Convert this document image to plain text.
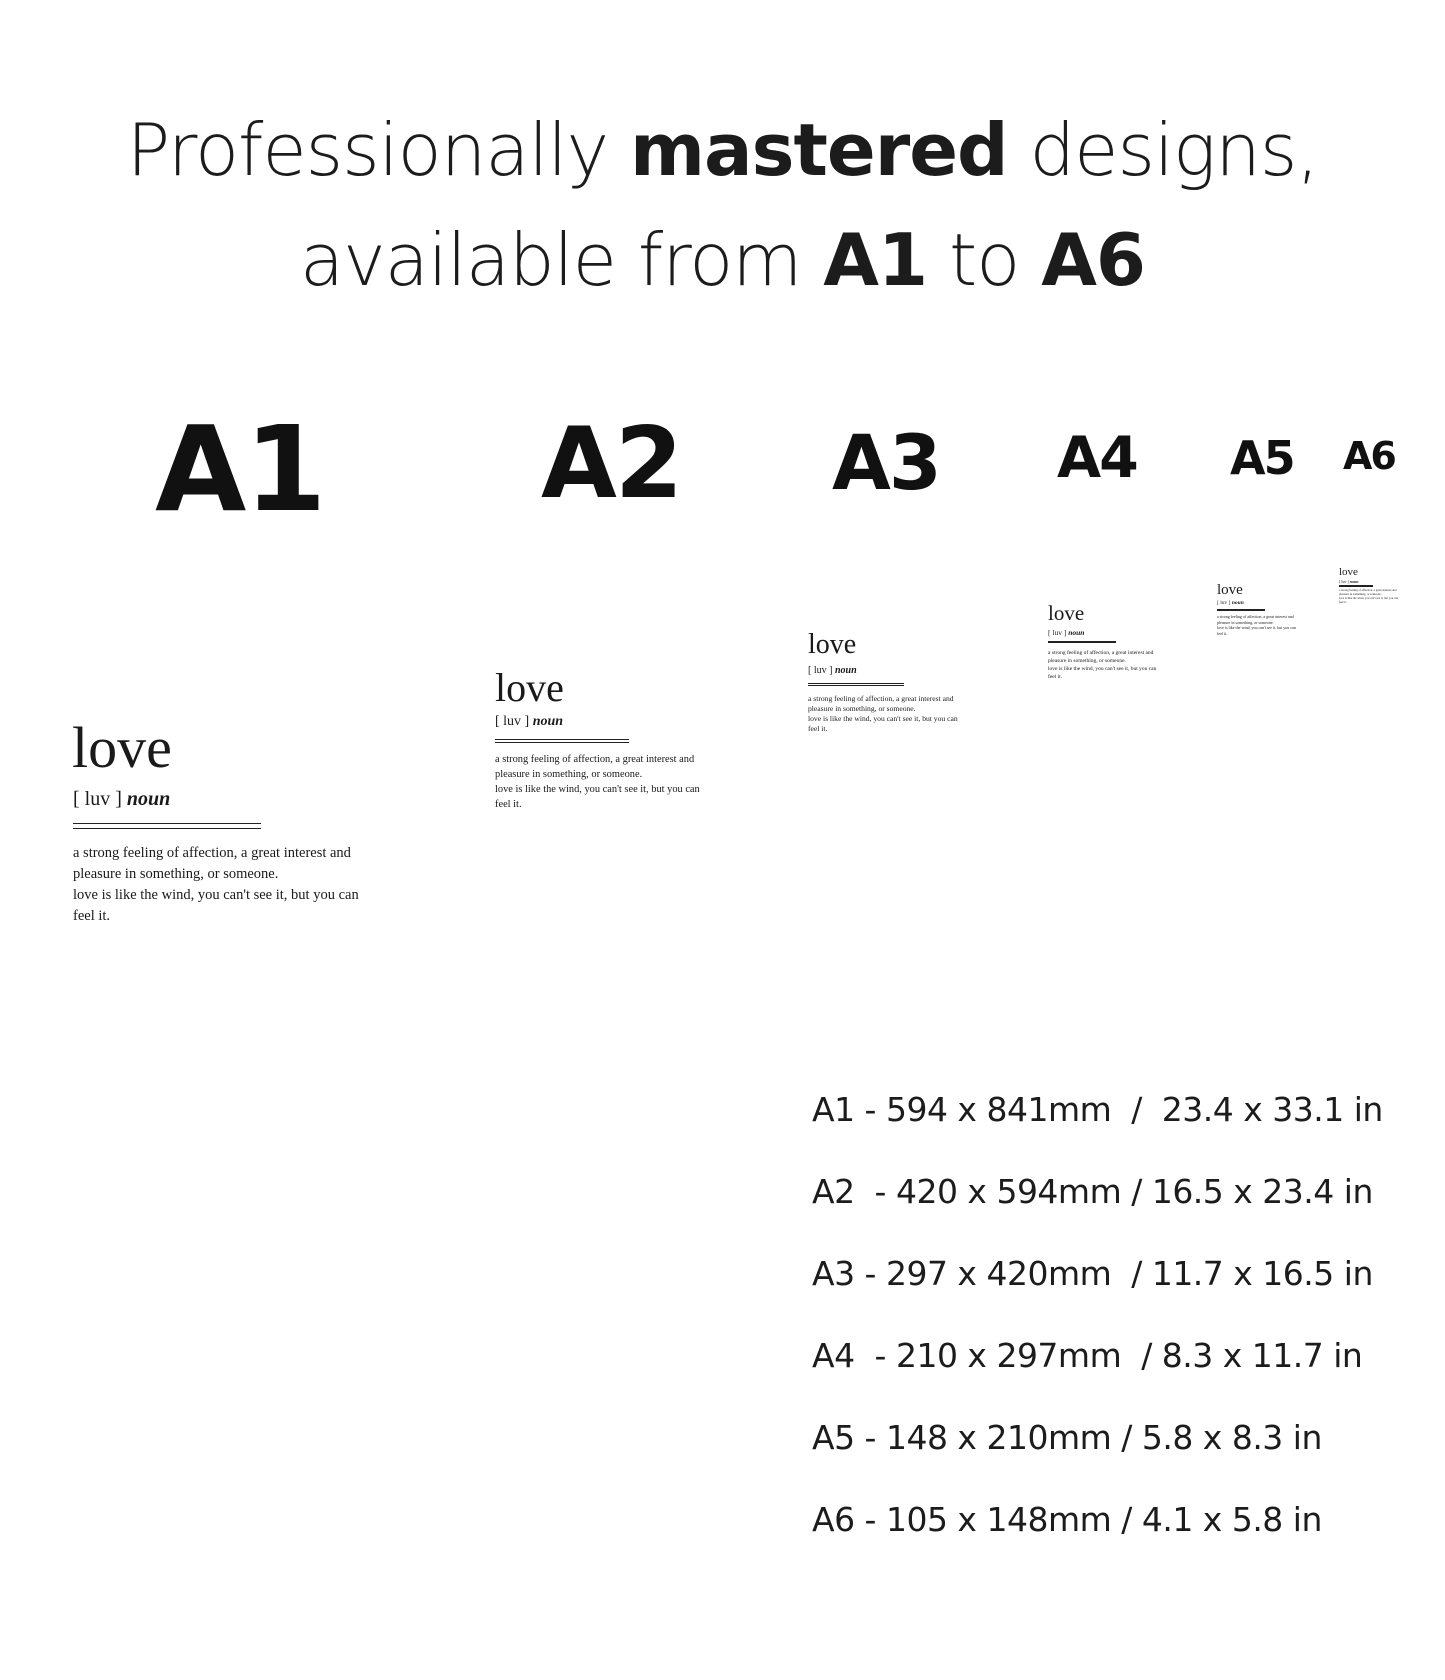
Professionally mastered designs,
available from A1 to A6
A1 A2 A3 A4 A5 A6
love
[ luv ] noun
a strong feeling of affection, a great interest and
pleasure in something, or someone.
love is like the wind, you can't see it, but you can
feel it.
love
[ luv ] noun
a strong feeling of affection, a great interest and
pleasure in something, or someone.
love is like the wind, you can't see it, but you can
feel it.
love
[ luv ] noun
a strong feeling of affection, a great interest and
pleasure in something, or someone.
love is like the wind, you can't see it, but you can
feel it.
love
[ luv ] noun
a strong feeling of affection, a great interest and
pleasure in something, or someone.
love is like the wind, you can't see it, but you can
feel it.
love
[ luv ] noun
a strong feeling of affection, a great interest and
pleasure in something, or someone.
love is like the wind, you can't see it, but you can
feel it.
love
[ luv ] noun
a strong feeling of affection, a great interest and
pleasure in something, or someone.
love is like the wind, you can't see it, but you can
feel it.
A1 - 594 x 841mm  /  23.4 x 33.1 in
A2  - 420 x 594mm / 16.5 x 23.4 in
A3 - 297 x 420mm  / 11.7 x 16.5 in
A4  - 210 x 297mm  / 8.3 x 11.7 in
A5 - 148 x 210mm / 5.8 x 8.3 in
A6 - 105 x 148mm / 4.1 x 5.8 in
